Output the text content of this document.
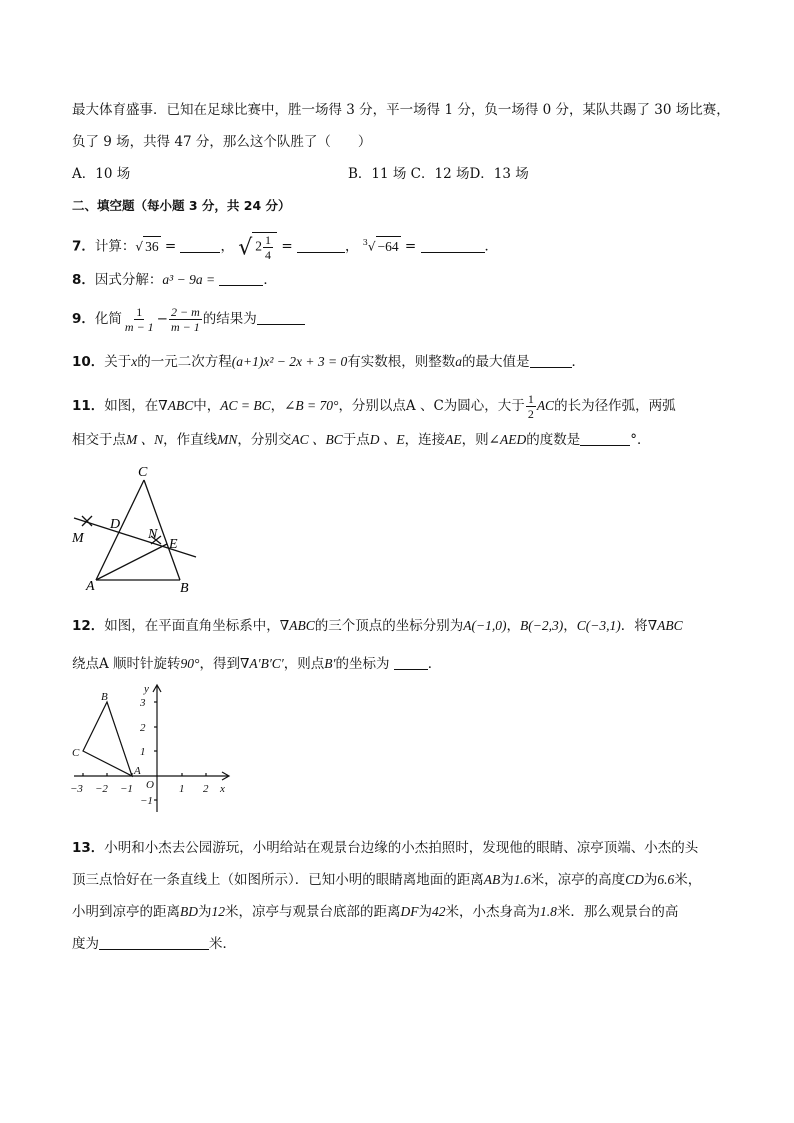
最大体育盛事．已知在足球比赛中，胜一场得 3 分，平一场得 1 分，负一场得 0 分，某队共踢了 30 场比赛，
负了 9 场，共得 47 分，那么这个队胜了（　　）
A．10 场	B．11 场 C．12 场D．13 场
二、填空题（每小题 3 分，共 24 分）
7．计算：√ 36 =	， √ $2 \frac{1}{4}$ =	， $^3$√ −64 =	．
8．因式分解：a³ − 9a =	．
9．化简 $\frac{1}{m - 1} - \frac{2 - m}{m - 1}$ 的结果为
10．关于x的一元二次方程(a+1)x² − 2x + 3 = 0有实数根，则整数a的最大值是	．
11．如图，在∇ABC中，AC = BC，∠B = 70°，分别以点A 、C为圆心，大于 $\frac{1}{2}$ AC的长为径作弧，两弧
相交于点M 、N，作直线MN，分别交AC 、BC于点D 、E，连接AE，则∠AED的度数是	°．
C
D
M	N
E
A	B
12．如图，在平面直角坐标系中，∇ABC的三个顶点的坐标分别为A(−1,0)，B(−2,3)，C(−3,1)．将∇ABC
绕点A 顺时针旋转90°，得到∇A′B′C′，则点B′的坐标为	．
y
x
O
B
C
A
3
2
1
−1
−3 −2 −1	1 2
13．小明和小杰去公园游玩，小明给站在观景台边缘的小杰拍照时，发现他的眼睛、凉亭顶端、小杰的头
顶三点恰好在一条直线上（如图所示）．已知小明的眼睛离地面的距离AB为1.6米，凉亭的高度CD为6.6米，
小明到凉亭的距离BD为12米，凉亭与观景台底部的距离DF为42米，小杰身高为1.8米．那么观景台的高
度为	米．
